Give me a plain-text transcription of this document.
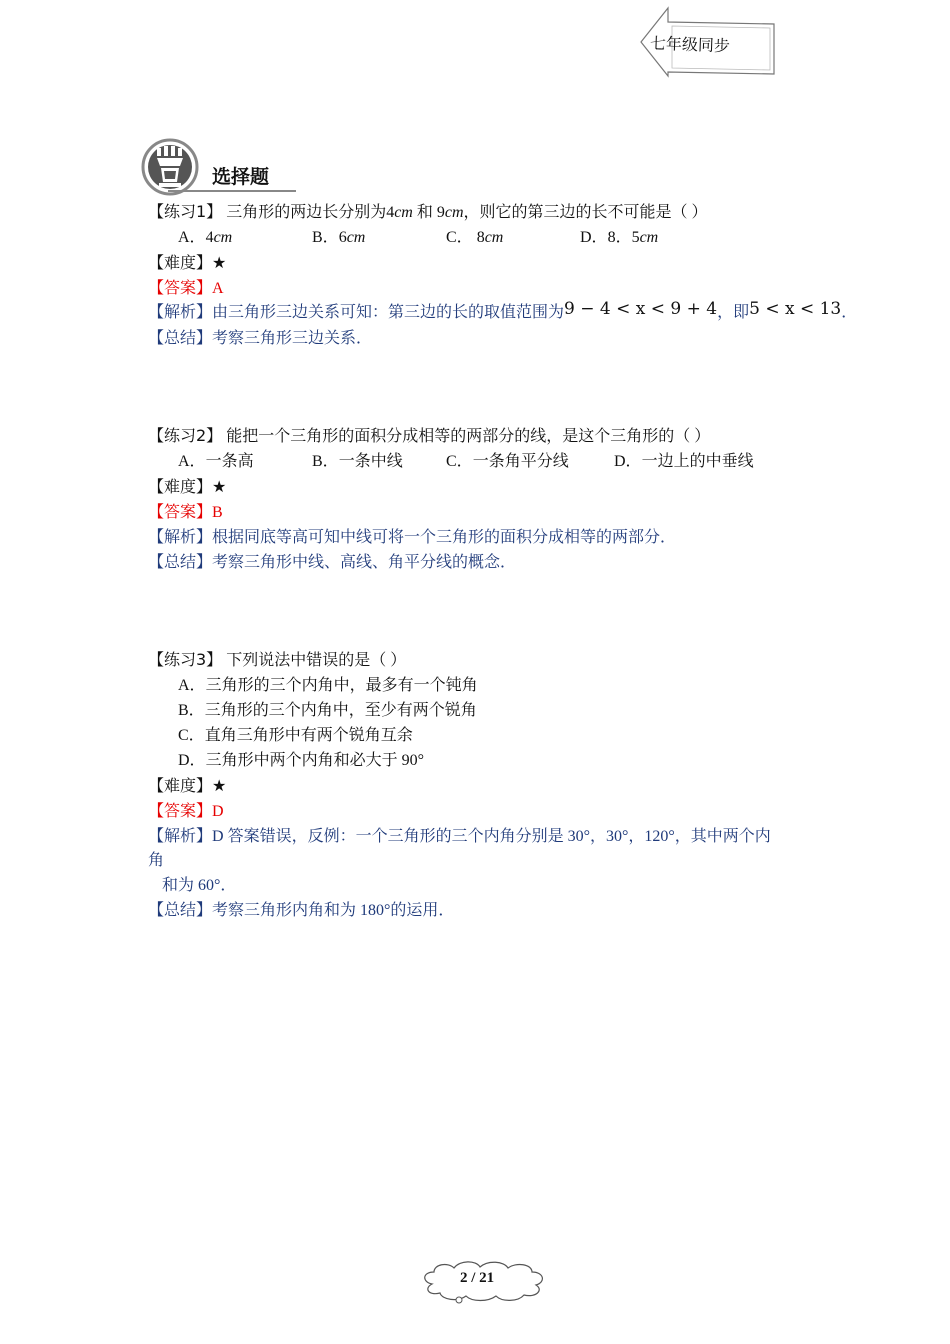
七年级同步
选择题
【练习1】 三角形的两边长分别为4cm 和 9cm，则它的第三边的长不可能是（ ）
A．4cm	B．6cm	C． 8cm	D．8．5cm
【难度】★
【答案】A
【解析】由三角形三边关系可知：第三边的长的取值范围为9 − 4 < x < 9 + 4，即5 < x < 13．
【总结】考察三角形三边关系．
【练习2】 能把一个三角形的面积分成相等的两部分的线，是这个三角形的（ ）
A．一条高	B．一条中线	C．一条角平分线	D．一边上的中垂线
【难度】★
【答案】B
【解析】根据同底等高可知中线可将一个三角形的面积分成相等的两部分．
【总结】考察三角形中线、高线、角平分线的概念．
【练习3】 下列说法中错误的是（ ）
A．三角形的三个内角中，最多有一个钝角
B．三角形的三个内角中，至少有两个锐角
C．直角三角形中有两个锐角互余
D．三角形中两个内角和必大于 90°
【难度】★
【答案】D
【解析】D 答案错误，反例：一个三角形的三个内角分别是 30°，30°，120°，其中两个内
角
和为 60°．
【总结】考察三角形内角和为 180°的运用．
2 / 21
